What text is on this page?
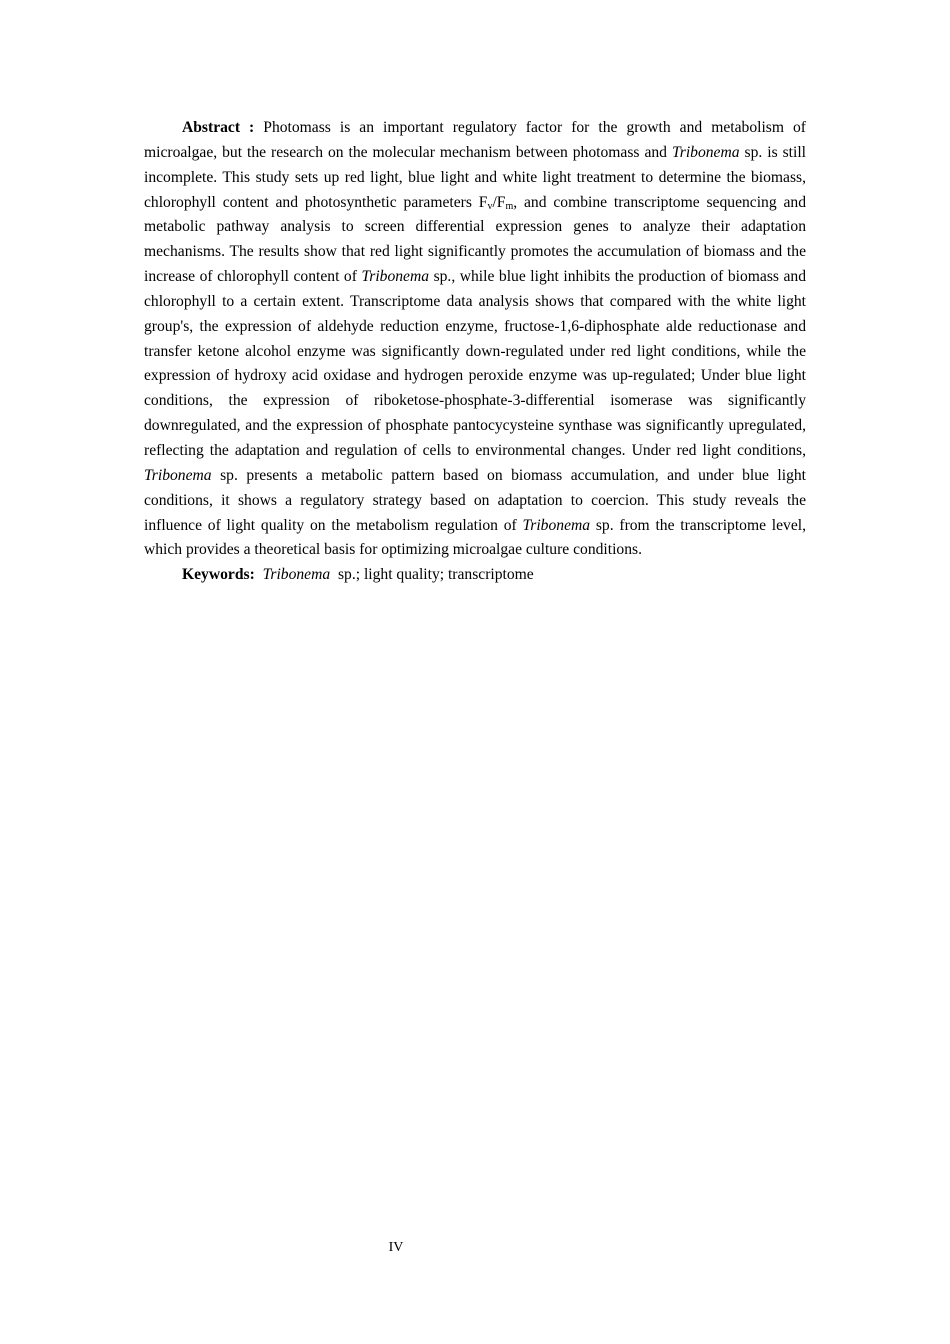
Abstract : Photomass is an important regulatory factor for the growth and metabolism of microalgae, but the research on the molecular mechanism between photomass and Tribonema sp. is still incomplete. This study sets up red light, blue light and white light treatment to determine the biomass, chlorophyll content and photosynthetic parameters $F_v/F_m$, and combine transcriptome sequencing and metabolic pathway analysis to screen differential expression genes to analyze their adaptation mechanisms. The results show that red light significantly promotes the accumulation of biomass and the increase of chlorophyll content of Tribonema sp., while blue light inhibits the production of biomass and chlorophyll to a certain extent. Transcriptome data analysis shows that compared with the white light group's, the expression of aldehyde reduction enzyme, fructose-1,6-diphosphate alde reductionase and transfer ketone alcohol enzyme was significantly down-regulated under red light conditions, while the expression of hydroxy acid oxidase and hydrogen peroxide enzyme was up-regulated; Under blue light conditions, the expression of riboketose-phosphate-3-differential isomerase was significantly downregulated, and the expression of phosphate pantocycysteine synthase was significantly upregulated, reflecting the adaptation and regulation of cells to environmental changes. Under red light conditions, Tribonema sp. presents a metabolic pattern based on biomass accumulation, and under blue light conditions, it shows a regulatory strategy based on adaptation to coercion. This study reveals the influence of light quality on the metabolism regulation of Tribonema sp. from the transcriptome level, which provides a theoretical basis for optimizing microalgae culture conditions.

Keywords: Tribonema sp.; light quality; transcriptome

IV
